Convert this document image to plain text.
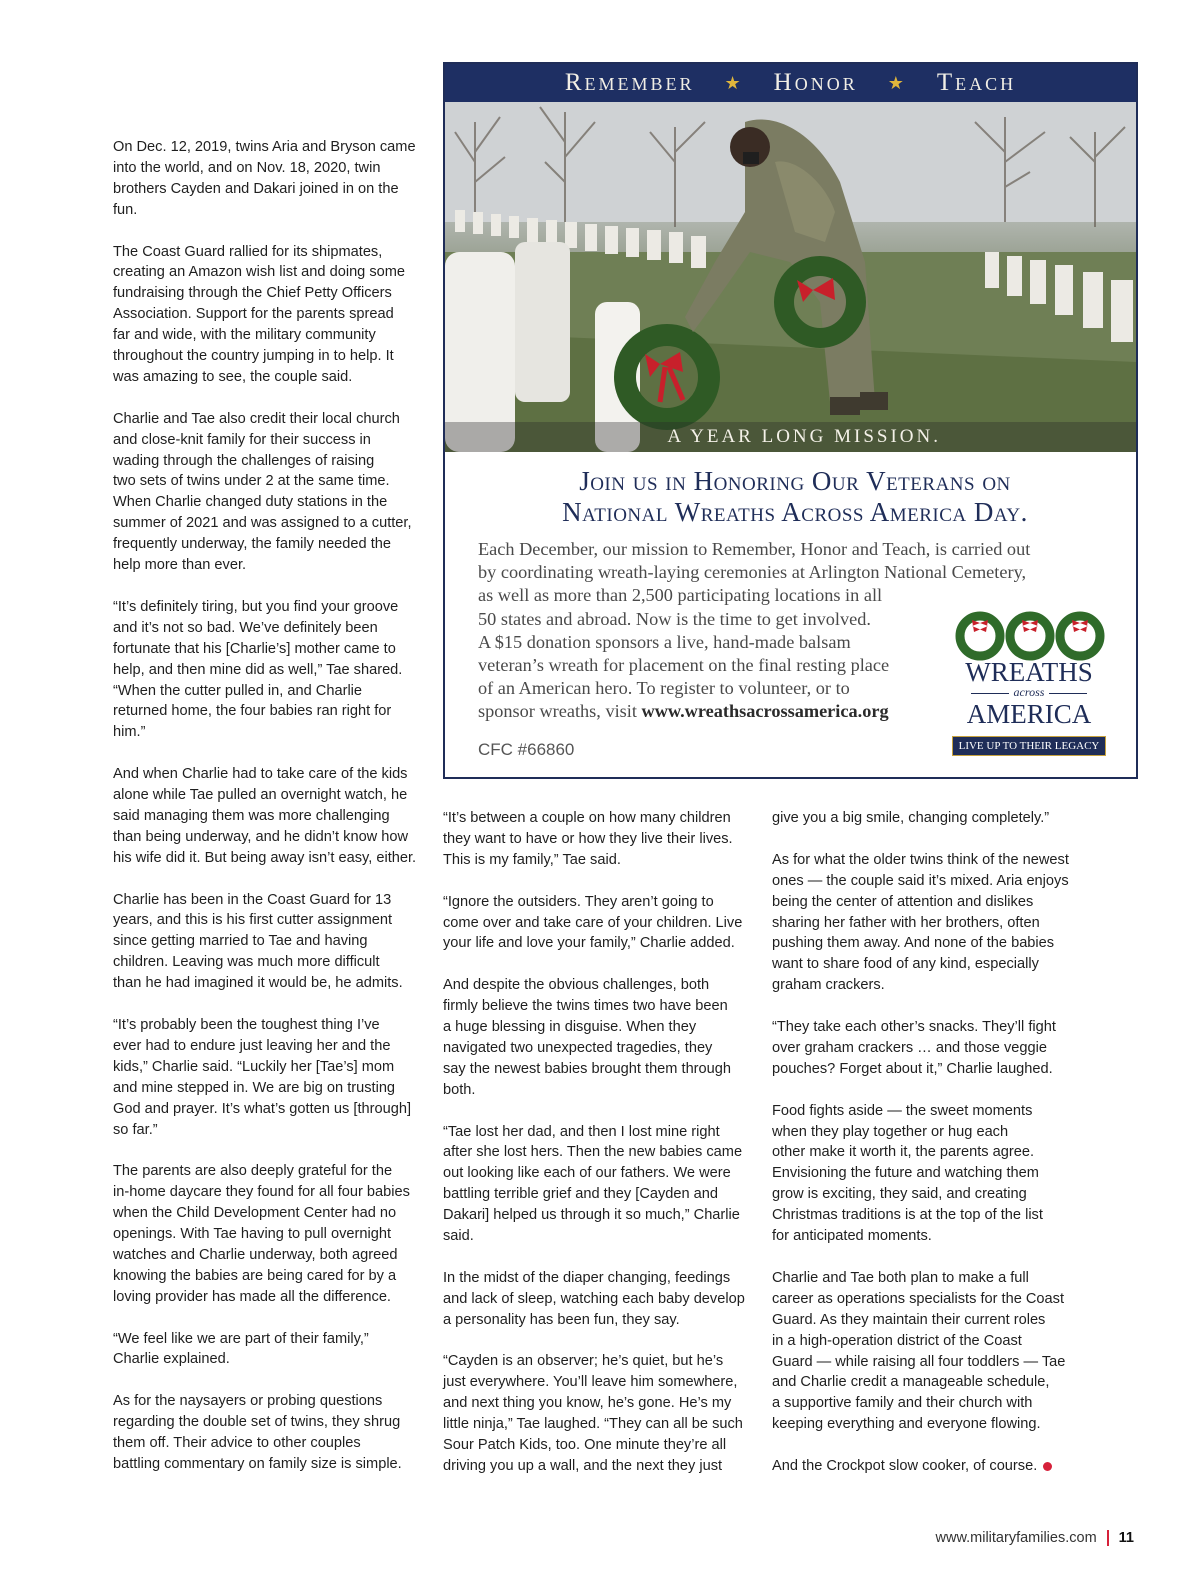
On Dec. 12, 2019, twins Aria and Bryson came
into the world, and on Nov. 18, 2020, twin
brothers Cayden and Dakari joined in on the
fun.

The Coast Guard rallied for its shipmates,
creating an Amazon wish list and doing some
fundraising through the Chief Petty Officers
Association. Support for the parents spread
far and wide, with the military community
throughout the country jumping in to help. It
was amazing to see, the couple said.

Charlie and Tae also credit their local church
and close-knit family for their success in
wading through the challenges of raising
two sets of twins under 2 at the same time.
When Charlie changed duty stations in the
summer of 2021 and was assigned to a cutter,
frequently underway, the family needed the
help more than ever.

“It’s definitely tiring, but you find your groove
and it’s not so bad. We’ve definitely been
fortunate that his [Charlie’s] mother came to
help, and then mine did as well,” Tae shared.
“When the cutter pulled in, and Charlie
returned home, the four babies ran right for
him.”

And when Charlie had to take care of the kids
alone while Tae pulled an overnight watch, he
said managing them was more challenging
than being underway, and he didn’t know how
his wife did it. But being away isn’t easy, either.

Charlie has been in the Coast Guard for 13
years, and this is his first cutter assignment
since getting married to Tae and having
children. Leaving was much more difficult
than he had imagined it would be, he admits.

“It’s probably been the toughest thing I’ve
ever had to endure just leaving her and the
kids,” Charlie said. “Luckily her [Tae’s] mom
and mine stepped in. We are big on trusting
God and prayer. It’s what’s gotten us [through]
so far.”

The parents are also deeply grateful for the
in-home daycare they found for all four babies
when the Child Development Center had no
openings. With Tae having to pull overnight
watches and Charlie underway, both agreed
knowing the babies are being cared for by a
loving provider has made all the difference.

“We feel like we are part of their family,”
Charlie explained.

As for the naysayers or probing questions
regarding the double set of twins, they shrug
them off. Their advice to other couples
battling commentary on family size is simple.

Remember ★ Honor ★ Teach
A YEAR LONG MISSION.
Join us in Honoring Our Veterans on
National Wreaths Across America Day.
Each December, our mission to Remember, Honor and Teach, is carried out
by coordinating wreath-laying ceremonies at Arlington National Cemetery,
as well as more than 2,500 participating locations in all
50 states and abroad. Now is the time to get involved.
A $15 donation sponsors a live, hand-made balsam
veteran’s wreath for placement on the final resting place
of an American hero. To register to volunteer, or to
sponsor wreaths, visit www.wreathsacrossamerica.org
CFC #66860
WREATHS
across
AMERICA
LIVE UP TO THEIR LEGACY

“It’s between a couple on how many children
they want to have or how they live their lives.
This is my family,” Tae said.

“Ignore the outsiders. They aren’t going to
come over and take care of your children. Live
your life and love your family,” Charlie added.

And despite the obvious challenges, both
firmly believe the twins times two have been
a huge blessing in disguise. When they
navigated two unexpected tragedies, they
say the newest babies brought them through
both.

“Tae lost her dad, and then I lost mine right
after she lost hers. Then the new babies came
out looking like each of our fathers. We were
battling terrible grief and they [Cayden and
Dakari] helped us through it so much,” Charlie
said.

In the midst of the diaper changing, feedings
and lack of sleep, watching each baby develop
a personality has been fun, they say.

“Cayden is an observer; he’s quiet, but he’s
just everywhere. You’ll leave him somewhere,
and next thing you know, he’s gone. He’s my
little ninja,” Tae laughed. “They can all be such
Sour Patch Kids, too. One minute they’re all
driving you up a wall, and the next they just

give you a big smile, changing completely.”

As for what the older twins think of the newest
ones — the couple said it’s mixed. Aria enjoys
being the center of attention and dislikes
sharing her father with her brothers, often
pushing them away. And none of the babies
want to share food of any kind, especially
graham crackers.

“They take each other’s snacks. They’ll fight
over graham crackers … and those veggie
pouches? Forget about it,” Charlie laughed.

Food fights aside — the sweet moments
when they play together or hug each
other make it worth it, the parents agree.
Envisioning the future and watching them
grow is exciting, they said, and creating
Christmas traditions is at the top of the list
for anticipated moments.

Charlie and Tae both plan to make a full
career as operations specialists for the Coast
Guard. As they maintain their current roles
in a high-operation district of the Coast
Guard — while raising all four toddlers — Tae
and Charlie credit a manageable schedule,
a supportive family and their church with
keeping everything and everyone flowing.

And the Crockpot slow cooker, of course.

www.militaryfamilies.com 11
